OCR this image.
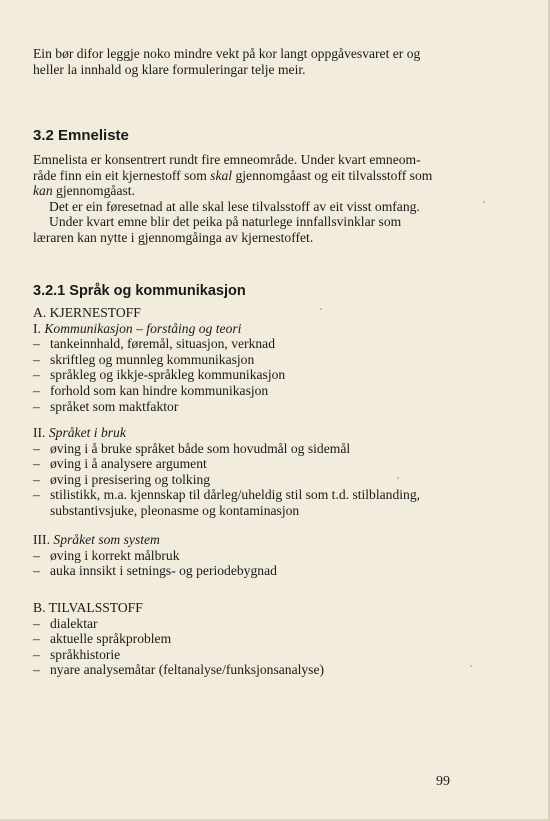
Ein bør difor leggje noko mindre vekt på kor langt oppgåvesvaret er og
heller la innhald og klare formuleringar telje meir.
3.2 Emneliste
Emnelista er konsentrert rundt fire emneområde. Under kvart emneom-
råde finn ein eit kjernestoff som skal gjennomgåast og eit tilvalsstoff som
kan gjennomgåast.
Det er ein føresetnad at alle skal lese tilvalsstoff av eit visst omfang.
Under kvart emne blir det peika på naturlege innfallsvinklar som
læraren kan nytte i gjennomgåinga av kjernestoffet.
3.2.1 Språk og kommunikasjon
A. KJERNESTOFF
I. Kommunikasjon – forståing og teori
– tankeinnhald, føremål, situasjon, verknad
– skriftleg og munnleg kommunikasjon
– språkleg og ikkje-språkleg kommunikasjon
– forhold som kan hindre kommunikasjon
– språket som maktfaktor
II. Språket i bruk
– øving i å bruke språket både som hovudmål og sidemål
– øving i å analysere argument
– øving i presisering og tolking
– stilistikk, m.a. kjennskap til dårleg/uheldig stil som t.d. stilblanding,
substantivsjuke, pleonasme og kontaminasjon
III. Språket som system
– øving i korrekt målbruk
– auka innsikt i setnings- og periodebygnad
B. TILVALSSTOFF
– dialektar
– aktuelle språkproblem
– språkhistorie
– nyare analysemåtar (feltanalyse/funksjonsanalyse)
99
